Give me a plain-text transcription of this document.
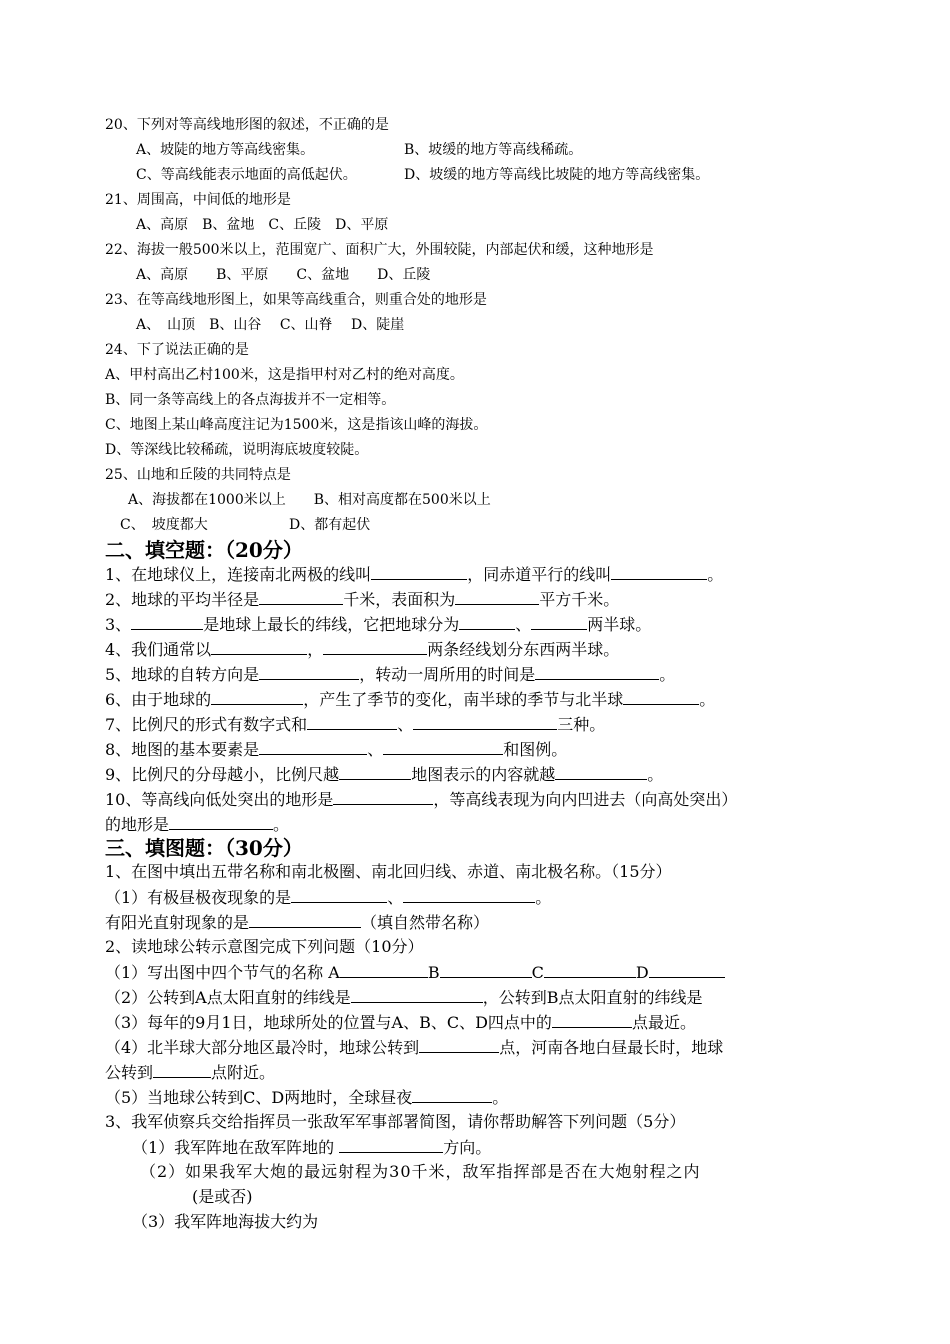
20、下列对等高线地形图的叙述，不正确的是
A、坡陡的地方等高线密集。	B、坡缓的地方等高线稀疏。
C、等高线能表示地面的高低起伏。	D、坡缓的地方等高线比坡陡的地方等高线密集。
21、周围高，中间低的地形是
A、高原　B、盆地　C、丘陵　D、平原
22、海拔一般500米以上，范围宽广、面积广大，外围较陡，内部起伏和缓，这种地形是
A、高原　　B、平原　　C、盆地　　D、丘陵
23、在等高线地形图上，如果等高线重合，则重合处的地形是
A、　山顶　B、山谷　 C、山脊　 D、陡崖
24、下了说法正确的是
A、甲村高出乙村100米，这是指甲村对乙村的绝对高度。
B、同一条等高线上的各点海拔并不一定相等。
C、地图上某山峰高度注记为1500米，这是指该山峰的海拔。
D、等深线比较稀疏，说明海底坡度较陡。
25、山地和丘陵的共同特点是
A、海拔都在1000米以上　　B、相对高度都在500米以上
C、　坡度都大	D、都有起伏
二、填空题：（20分）
1、在地球仪上，连接南北两极的线叫	，同赤道平行的线叫	。
2、地球的平均半径是	千米，表面积为	平方千米。
3、	是地球上最长的纬线，它把地球分为	、	两半球。
4、我们通常以	，	两条经线划分东西两半球。
5、地球的自转方向是	，转动一周所用的时间是	。
6、由于地球的	，产生了季节的变化，南半球的季节与北半球	。
7、比例尺的形式有数字式和	、	三种。
8、地图的基本要素是	、	和图例。
9、比例尺的分母越小，比例尺越	地图表示的内容就越	。
10、等高线向低处突出的地形是	，等高线表现为向内凹进去（向高处突出）
的地形是	。
三、填图题：（30分）
1、在图中填出五带名称和南北极圈、南北回归线、赤道、南北极名称。（15分）
（1）有极昼极夜现象的是	、	。
有阳光直射现象的是	（填自然带名称）
2、读地球公转示意图完成下列问题（10分）
（1）写出图中四个节气的名称 A	B	C	D
（2）公转到A点太阳直射的纬线是	，公转到B点太阳直射的纬线是
（3）每年的9月1日，地球所处的位置与A、B、C、D四点中的	点最近。
（4）北半球大部分地区最冷时，地球公转到	点，河南各地白昼最长时，地球
公转到	点附近。
（5）当地球公转到C、D两地时，全球昼夜	。
3、我军侦察兵交给指挥员一张敌军军事部署简图，请你帮助解答下列问题（5分）
（1）我军阵地在敌军阵地的	方向。
（2）如果我军大炮的最远射程为30千米，敌军指挥部是否在大炮射程之内
(是或否)
（3）我军阵地海拔大约为
